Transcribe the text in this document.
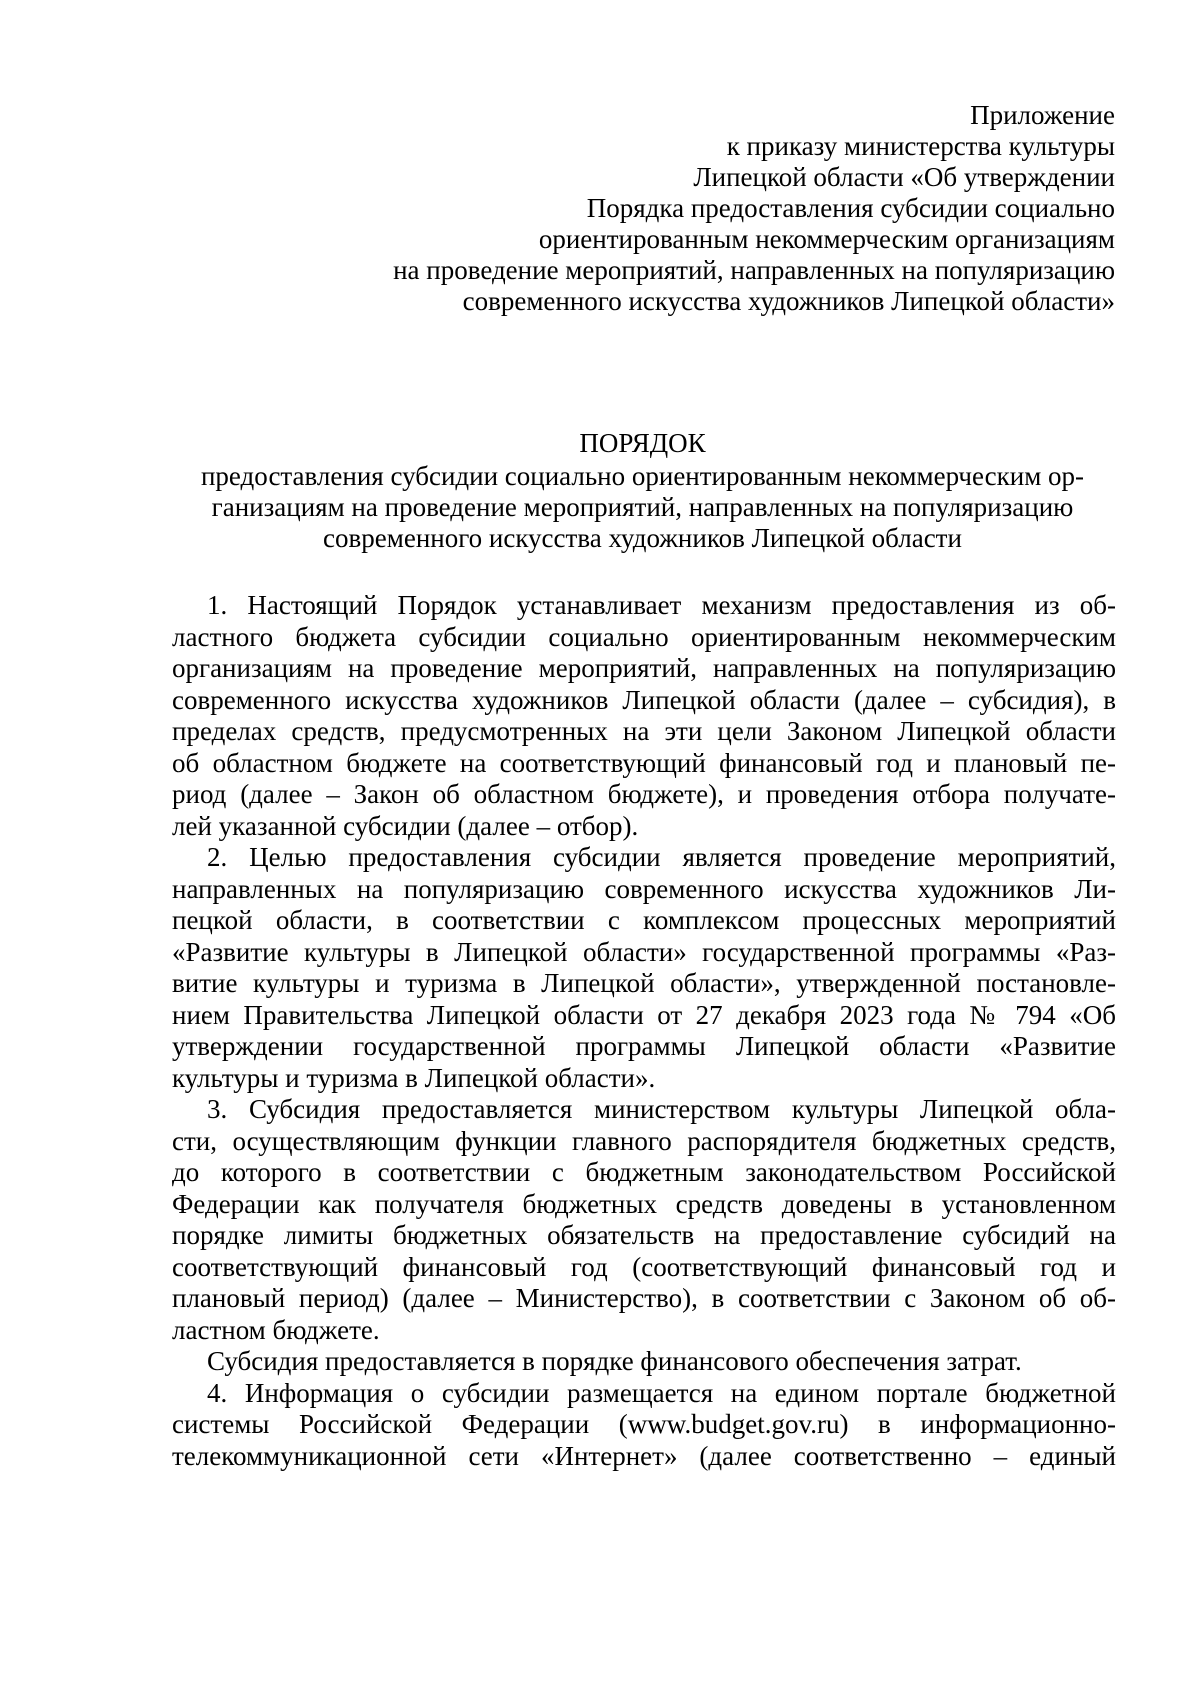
Приложение
к приказу министерства культуры
Липецкой области «Об утверждении
Порядка предоставления субсидии социально
ориентированным некоммерческим организациям
на проведение мероприятий, направленных на популяризацию
современного искусства художников Липецкой области»
ПОРЯДОК
предоставления субсидии социально ориентированным некоммерческим ор-
ганизациям на проведение мероприятий, направленных на популяризацию
современного искусства художников Липецкой области
1. Настоящий Порядок устанавливает механизм предоставления из об-
ластного бюджета субсидии социально ориентированным некоммерческим
организациям на проведение мероприятий, направленных на популяризацию
современного искусства художников Липецкой области (далее – субсидия), в
пределах средств, предусмотренных на эти цели Законом Липецкой области
об областном бюджете на соответствующий финансовый год и плановый пе-
риод (далее – Закон об областном бюджете), и проведения отбора получате-
лей указанной субсидии (далее – отбор).
2. Целью предоставления субсидии является проведение мероприятий,
направленных на популяризацию современного искусства художников Ли-
пецкой области, в соответствии с комплексом процессных мероприятий
«Развитие культуры в Липецкой области» государственной программы «Раз-
витие культуры и туризма в Липецкой области», утвержденной постановле-
нием Правительства Липецкой области от 27 декабря 2023 года № 794 «Об
утверждении государственной программы Липецкой области «Развитие
культуры и туризма в Липецкой области».
3. Субсидия предоставляется министерством культуры Липецкой обла-
сти, осуществляющим функции главного распорядителя бюджетных средств,
до которого в соответствии с бюджетным законодательством Российской
Федерации как получателя бюджетных средств доведены в установленном
порядке лимиты бюджетных обязательств на предоставление субсидий на
соответствующий финансовый год (соответствующий финансовый год и
плановый период) (далее – Министерство), в соответствии с Законом об об-
ластном бюджете.
Субсидия предоставляется в порядке финансового обеспечения затрат.
4. Информация о субсидии размещается на едином портале бюджетной
системы Российской Федерации (www.budget.gov.ru) в информационно-
телекоммуникационной сети «Интернет» (далее соответственно – единый
